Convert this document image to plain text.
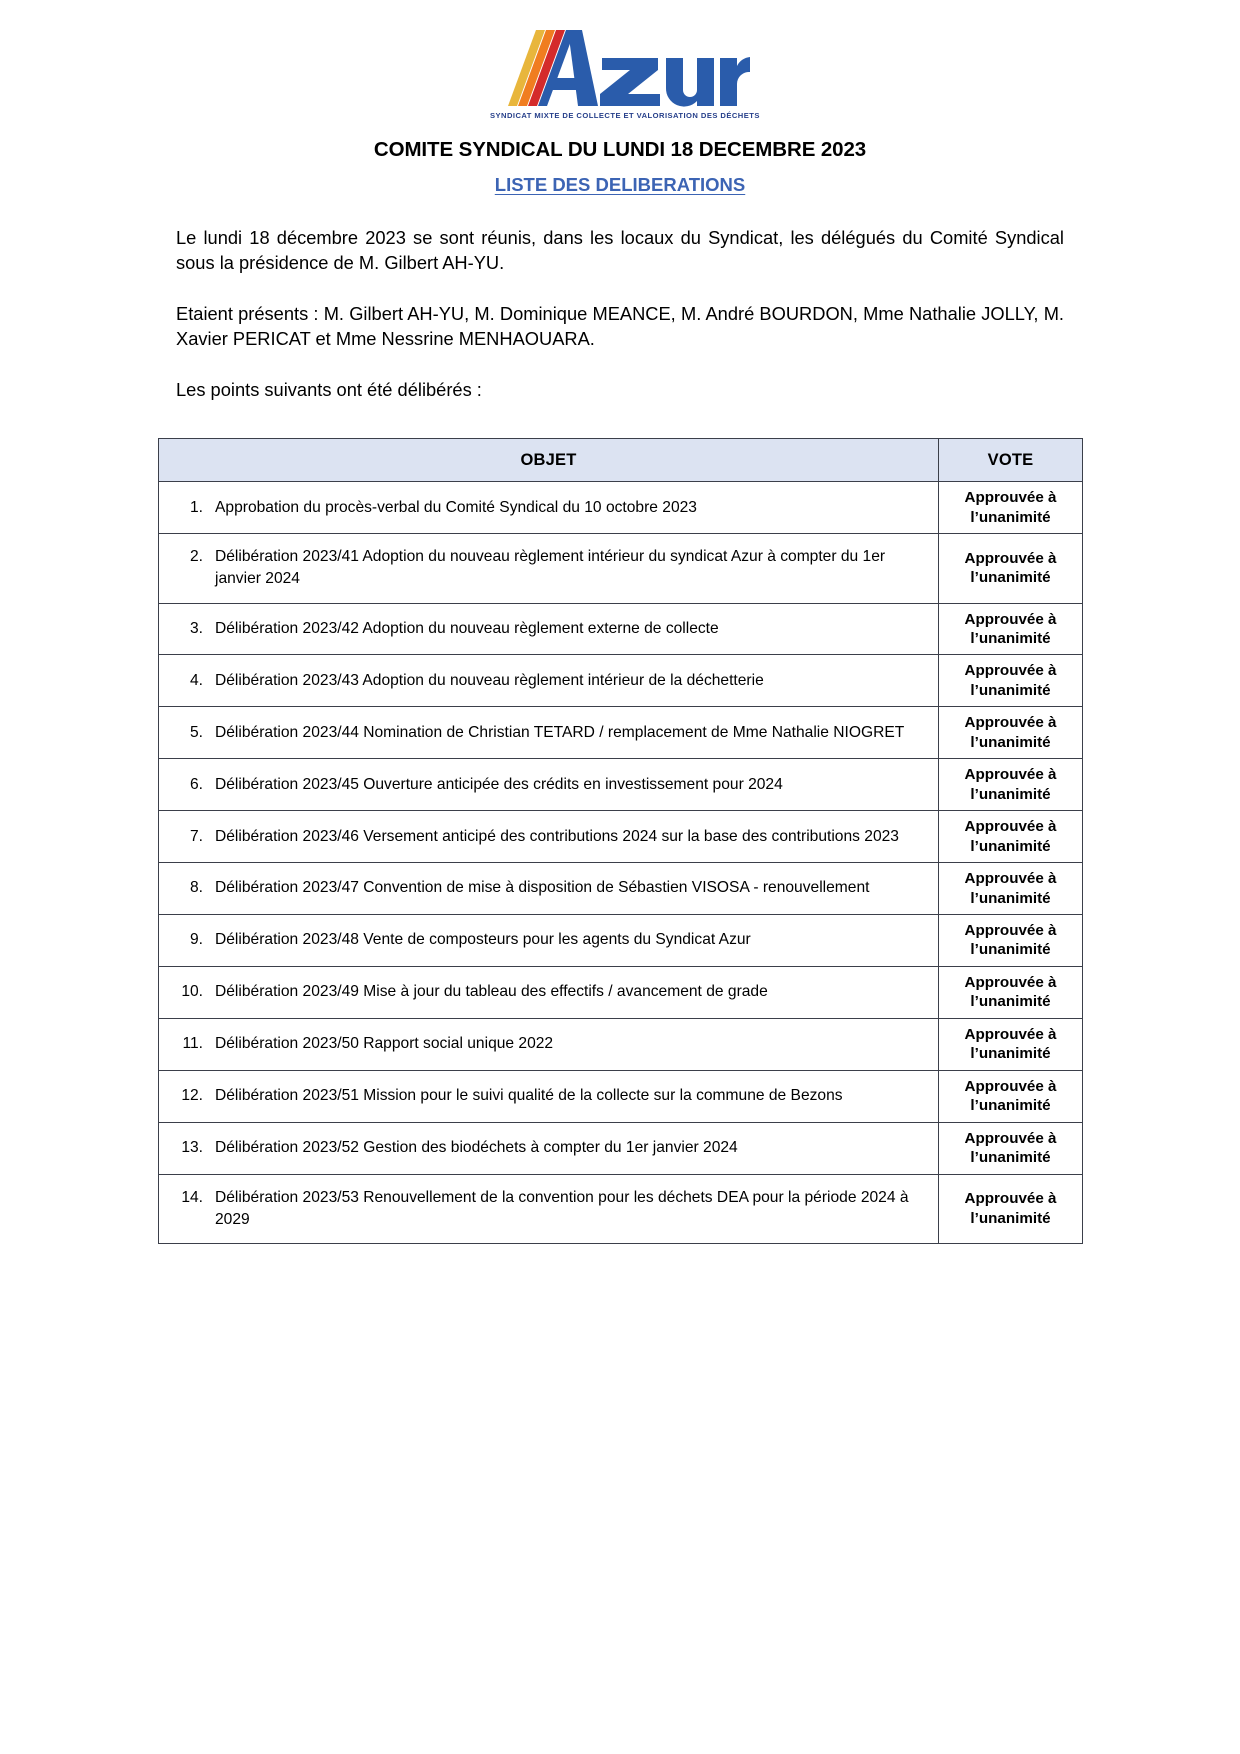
SYNDICAT MIXTE DE COLLECTE ET VALORISATION DES DÉCHETS
COMITE SYNDICAL DU LUNDI 18 DECEMBRE 2023
LISTE DES DELIBERATIONS

Le lundi 18 décembre 2023 se sont réunis, dans les locaux du Syndicat, les délégués du Comité Syndical sous la présidence de M. Gilbert AH-YU.

Etaient présents : M. Gilbert AH-YU, M. Dominique MEANCE, M. André BOURDON, Mme Nathalie JOLLY, M. Xavier PERICAT et Mme Nessrine MENHAOUARA.

Les points suivants ont été délibérés :

OBJET	VOTE

1. Approbation du procès-verbal du Comité Syndical du 10 octobre 2023	Approuvée à
l’unanimité

2. Délibération 2023/41 Adoption du nouveau règlement intérieur du syndicat Azur à compter du 1er janvier 2024	Approuvée à
l’unanimité

3. Délibération 2023/42 Adoption du nouveau règlement externe de collecte	Approuvée à
l’unanimité

4. Délibération 2023/43 Adoption du nouveau règlement intérieur de la déchetterie	Approuvée à
l’unanimité

5. Délibération 2023/44 Nomination de Christian TETARD / remplacement de Mme Nathalie NIOGRET	Approuvée à
l’unanimité

6. Délibération 2023/45 Ouverture anticipée des crédits en investissement pour 2024	Approuvée à
l’unanimité

7. Délibération 2023/46 Versement anticipé des contributions 2024 sur la base des contributions 2023	Approuvée à
l’unanimité

8. Délibération 2023/47 Convention de mise à disposition de Sébastien VISOSA - renouvellement	Approuvée à
l’unanimité

9. Délibération 2023/48 Vente de composteurs pour les agents du Syndicat Azur	Approuvée à
l’unanimité

10. Délibération 2023/49 Mise à jour du tableau des effectifs / avancement de grade	Approuvée à
l’unanimité

11. Délibération 2023/50 Rapport social unique 2022	Approuvée à
l’unanimité

12. Délibération 2023/51 Mission pour le suivi qualité de la collecte sur la commune de Bezons	Approuvée à
l’unanimité

13. Délibération 2023/52 Gestion des biodéchets à compter du 1er janvier 2024	Approuvée à
l’unanimité

14. Délibération 2023/53 Renouvellement de la convention pour les déchets DEA pour la période 2024 à 2029	Approuvée à
l’unanimité
